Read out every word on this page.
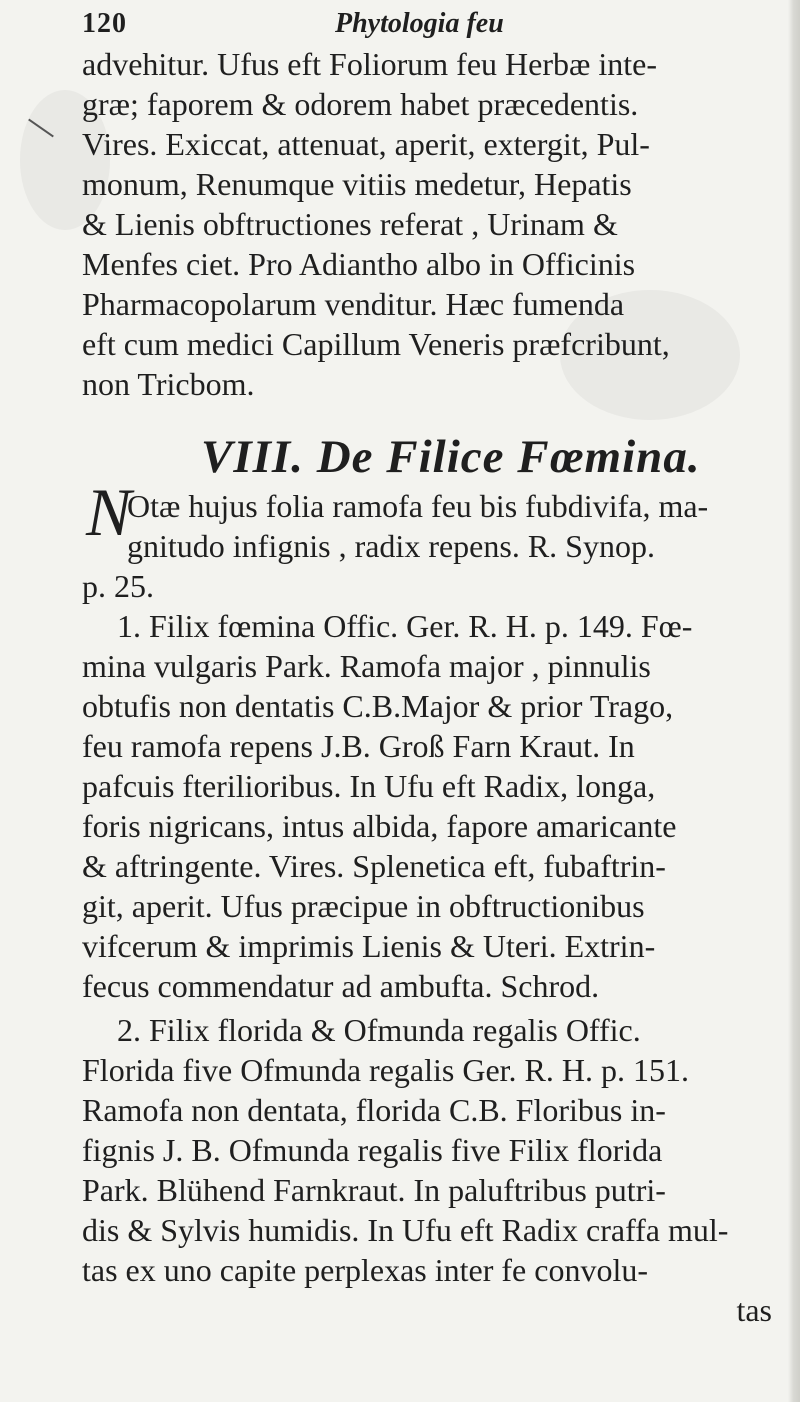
120	Phytologia feu
advehitur. Ufus eft Foliorum feu Herbæ inte-
græ; faporem & odorem habet præcedentis.
Vires. Exiccat, attenuat, aperit, extergit, Pul-
monum, Renumque vitiis medetur, Hepatis
& Lienis obftructiones referat , Urinam &
Menfes ciet. Pro Adiantho albo in Officinis
Pharmacopolarum venditur. Hæc fumenda
eft cum medici Capillum Veneris præfcribunt,
non Tricbom.
VIII. De Filice Fœmina.
N
Otæ hujus folia ramofa feu bis fubdivifa, ma-
gnitudo infignis , radix repens. R. Synop.
p. 25.
1. Filix fœmina Offic. Ger. R. H. p. 149. Fœ-
mina vulgaris Park. Ramofa major , pinnulis
obtufis non dentatis C.B.Major & prior Trago,
feu ramofa repens J.B. Groß Farn Kraut. In
pafcuis fterilioribus. In Ufu eft Radix, longa,
foris nigricans, intus albida, fapore amaricante
& aftringente. Vires. Splenetica eft, fubaftrin-
git, aperit. Ufus præcipue in obftructionibus
vifcerum & imprimis Lienis & Uteri. Extrin-
fecus commendatur ad ambufta. Schrod.
2. Filix florida & Ofmunda regalis Offic.
Florida five Ofmunda regalis Ger. R. H. p. 151.
Ramofa non dentata, florida C.B. Floribus in-
fignis J. B. Ofmunda regalis five Filix florida
Park. Blühend Farnkraut. In paluftribus putri-
dis & Sylvis humidis. In Ufu eft Radix craffa mul-
tas ex uno capite perplexas inter fe convolu-
tas
